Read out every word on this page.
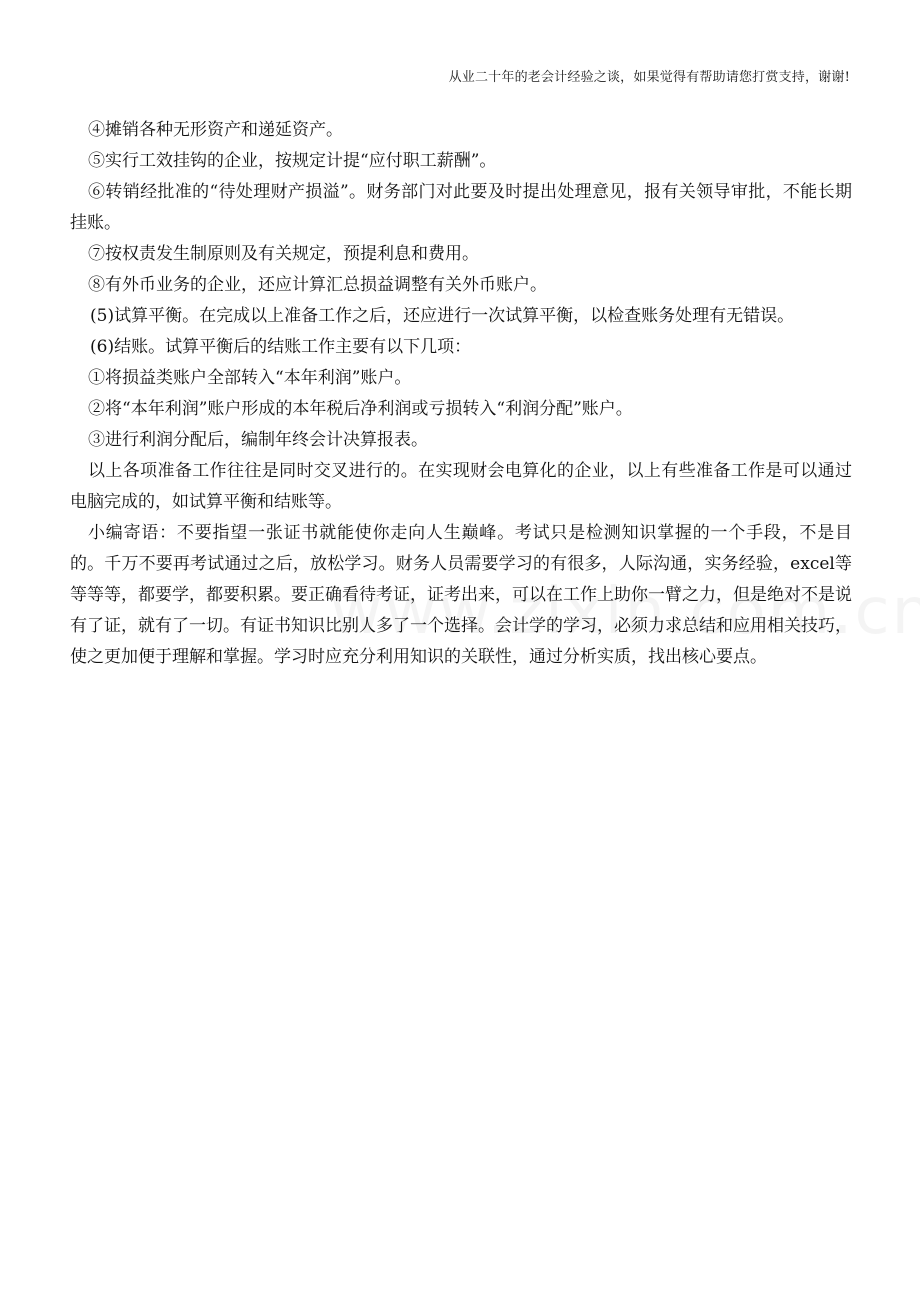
从业二十年的老会计经验之谈，如果觉得有帮助请您打赏支持，谢谢!

④摊销各种无形资产和递延资产。

⑤实行工效挂钩的企业，按规定计提“应付职工薪酬”。

⑥转销经批准的“待处理财产损溢”。财务部门对此要及时提出处理意见，报有关领导审批，不能长期挂账。

⑦按权责发生制原则及有关规定，预提利息和费用。

⑧有外币业务的企业，还应计算汇总损益调整有关外币账户。

(5)试算平衡。在完成以上准备工作之后，还应进行一次试算平衡，以检查账务处理有无错误。

(6)结账。试算平衡后的结账工作主要有以下几项：

①将损益类账户全部转入“本年利润”账户。

②将“本年利润”账户形成的本年税后净利润或亏损转入“利润分配”账户。

③进行利润分配后，编制年终会计决算报表。

以上各项准备工作往往是同时交叉进行的。在实现财会电算化的企业，以上有些准备工作是可以通过电脑完成的，如试算平衡和结账等。

小编寄语：不要指望一张证书就能使你走向人生巅峰。考试只是检测知识掌握的一个手段，不是目的。千万不要再考试通过之后，放松学习。财务人员需要学习的有很多，人际沟通，实务经验，excel等等等等，都要学，都要积累。要正确看待考证，证考出来，可以在工作上助你一臂之力，但是绝对不是说有了证，就有了一切。有证书知识比别人多了一个选择。会计学的学习，必须力求总结和应用相关技巧，使之更加便于理解和掌握。学习时应充分利用知识的关联性，通过分析实质，找出核心要点。
